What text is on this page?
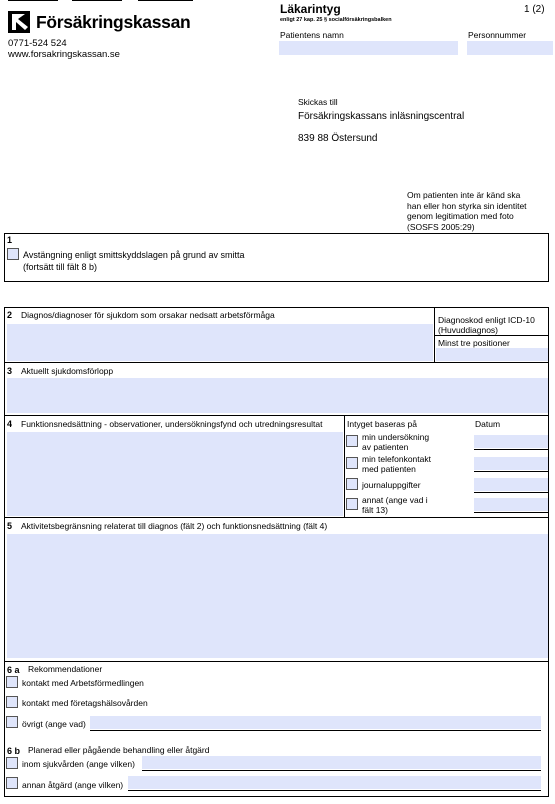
Försäkringskassan
0771-524 524
www.forsakringskassan.se
Läkarintyg	1 (2)
enligt 27 kap. 25 § socialförsäkringsbalken
Patientens namn	Personnummer
Skickas till
Försäkringskassans inläsningscentral
839 88 Östersund
Om patienten inte är känd ska
han eller hon styrka sin identitet
genom legitimation med foto
(SOSFS 2005:29)
1
Avstängning enligt smittskyddslagen på grund av smitta
(fortsätt till fält 8 b)
2 Diagnos/diagnoser för sjukdom som orsakar nedsatt arbetsförmåga	Diagnoskod enligt ICD-10
(Huvuddiagnos)
Minst tre positioner
3 Aktuellt sjukdomsförlopp
4 Funktionsnedsättning - observationer, undersökningsfynd och utredningsresultat	Intyget baseras på	Datum
min undersökning
av patienten
min telefonkontakt
med patienten
journaluppgifter
annat (ange vad i
fält 13)
5 Aktivitetsbegränsning relaterat till diagnos (fält 2) och funktionsnedsättning (fält 4)
6 a Rekommendationer
kontakt med Arbetsförmedlingen
kontakt med företagshälsovården
övrigt (ange vad)
6 b Planerad eller pågående behandling eller åtgärd
inom sjukvården (ange vilken)
annan åtgärd (ange vilken)
